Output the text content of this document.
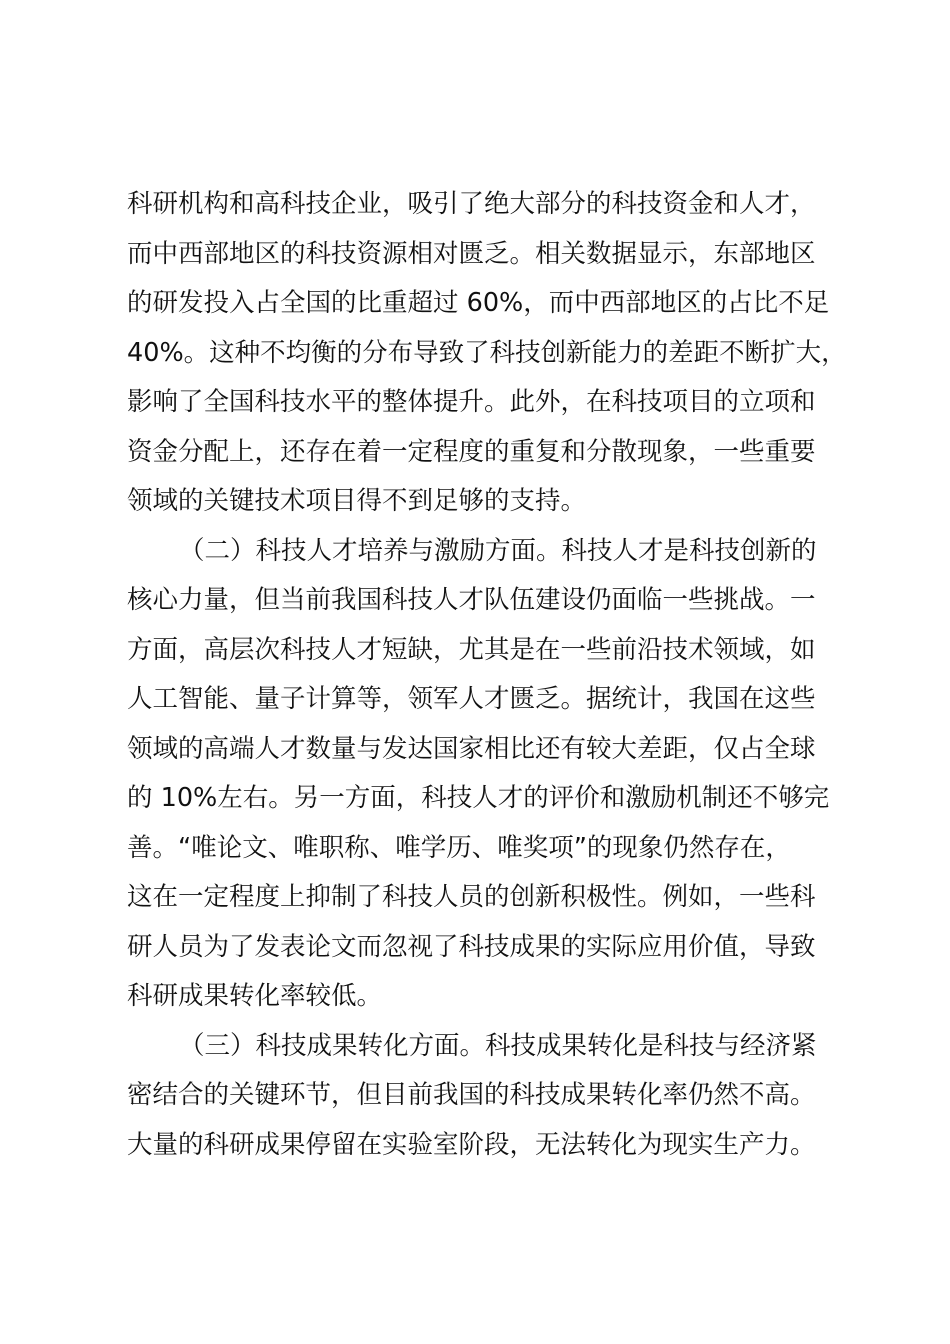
科研机构和高科技企业，吸引了绝大部分的科技资金和人才，
而中西部地区的科技资源相对匮乏。相关数据显示，东部地区
的研发投入占全国的比重超过 60%，而中西部地区的占比不足
40%。这种不均衡的分布导致了科技创新能力的差距不断扩大，
影响了全国科技水平的整体提升。此外，在科技项目的立项和
资金分配上，还存在着一定程度的重复和分散现象，一些重要
领域的关键技术项目得不到足够的支持。
（二）科技人才培养与激励方面。科技人才是科技创新的
核心力量，但当前我国科技人才队伍建设仍面临一些挑战。一
方面，高层次科技人才短缺，尤其是在一些前沿技术领域，如
人工智能、量子计算等，领军人才匮乏。据统计，我国在这些
领域的高端人才数量与发达国家相比还有较大差距，仅占全球
的 10%左右。另一方面，科技人才的评价和激励机制还不够完
善。“唯论文、唯职称、唯学历、唯奖项”的现象仍然存在，
这在一定程度上抑制了科技人员的创新积极性。例如，一些科
研人员为了发表论文而忽视了科技成果的实际应用价值，导致
科研成果转化率较低。
（三）科技成果转化方面。科技成果转化是科技与经济紧
密结合的关键环节，但目前我国的科技成果转化率仍然不高。
大量的科研成果停留在实验室阶段，无法转化为现实生产力。
